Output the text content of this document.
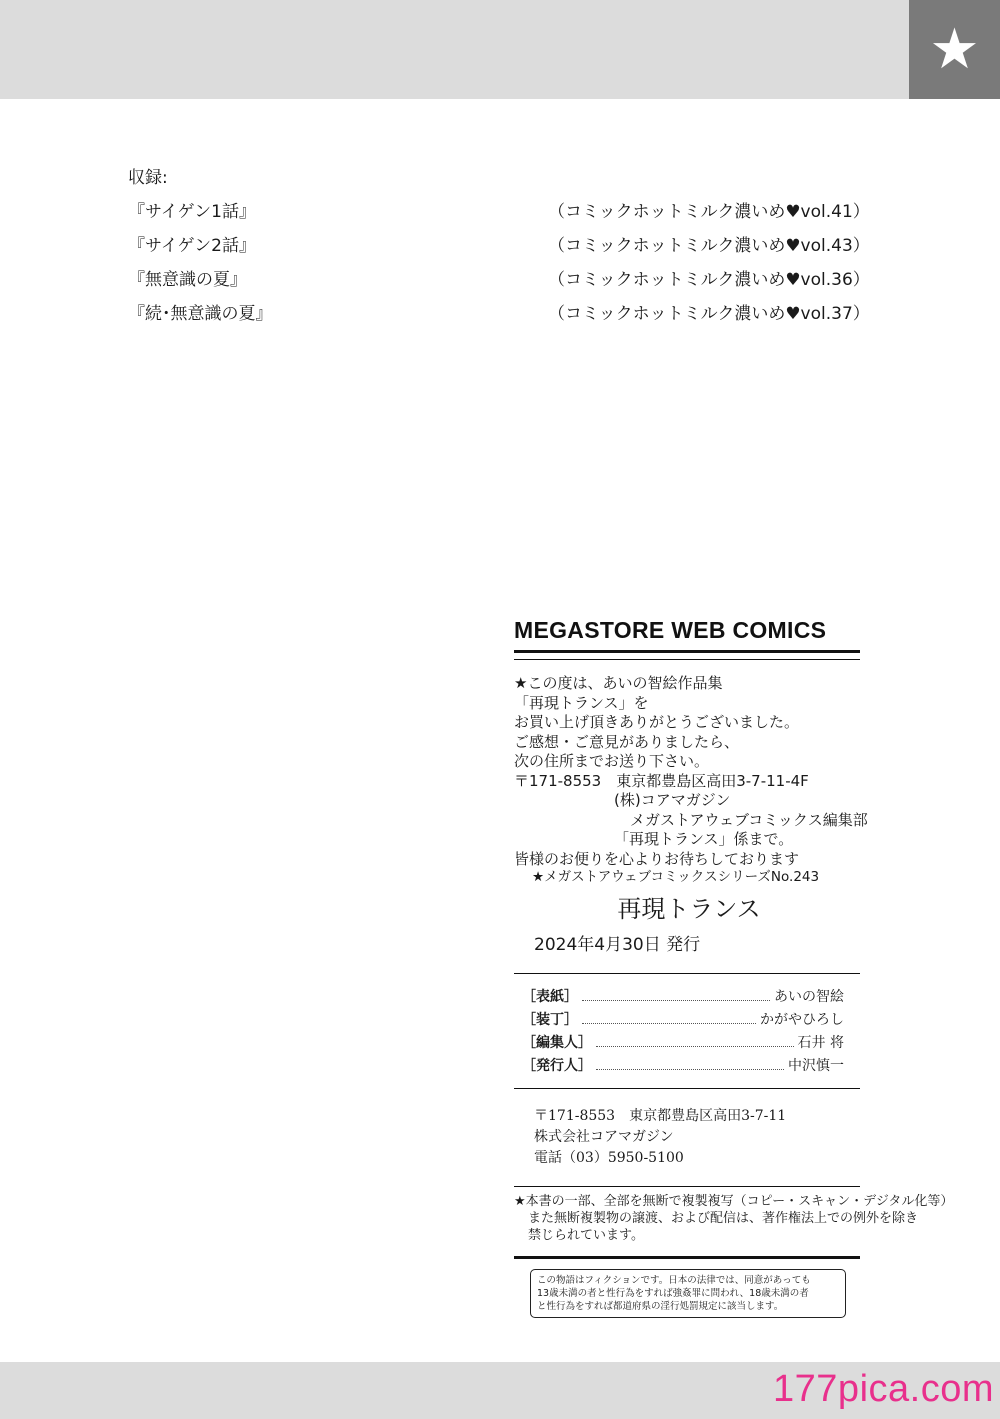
★
収録:
『サイゲン1話』	（コミックホットミルク濃いめ♥vol.41）
『サイゲン2話』	（コミックホットミルク濃いめ♥vol.43）
『無意識の夏』	（コミックホットミルク濃いめ♥vol.36）
『続･無意識の夏』	（コミックホットミルク濃いめ♥vol.37）
MEGASTORE WEB COMICS
★この度は、あいの智絵作品集
「再現トランス」を
お買い上げ頂きありがとうございました。
ご感想・ご意見がありましたら、
次の住所までお送り下さい。
〒171-8553　東京都豊島区高田3-7-11-4F
(株)コアマガジン
メガストアウェブコミックス編集部
「再現トランス」係まで。
皆様のお便りを心よりお待ちしております
★メガストアウェブコミックスシリーズNo.243
再現トランス
2024年4月30日 発行
［表紙］	あいの智絵
［装丁］	かがやひろし
［編集人］	石井 将
［発行人］	中沢慎一
〒171-8553　東京都豊島区高田3-7-11
株式会社コアマガジン
電話（03）5950-5100
★本書の一部、全部を無断で複製複写（コピー・スキャン・デジタル化等）
また無断複製物の譲渡、および配信は、著作権法上での例外を除き
禁じられています。
この物語はフィクションです。日本の法律では、同意があっても
13歳未満の者と性行為をすれば強姦罪に問われ、18歳未満の者
と性行為をすれば都道府県の淫行処罰規定に該当します。
177pica.com
